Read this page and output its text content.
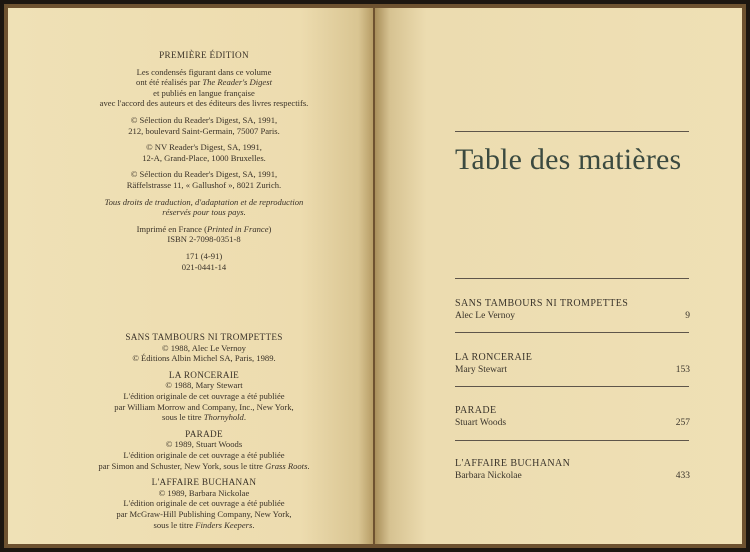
PREMIÈRE ÉDITION
Les condensés figurant dans ce volume
ont été réalisés par The Reader's Digest
et publiés en langue française
avec l'accord des auteurs et des éditeurs des livres respectifs.
© Sélection du Reader's Digest, SA, 1991,
212, boulevard Saint-Germain, 75007 Paris.
© NV Reader's Digest, SA, 1991,
12-A, Grand-Place, 1000 Bruxelles.
© Sélection du Reader's Digest, SA, 1991,
Räffelstrasse 11, « Gallushof », 8021 Zurich.
Tous droits de traduction, d'adaptation et de reproduction
réservés pour tous pays.
Imprimé en France (Printed in France)
ISBN 2-7098-0351-8
171 (4-91)
021-0441-14
SANS TAMBOURS NI TROMPETTES
© 1988, Alec Le Vernoy
© Éditions Albin Michel SA, Paris, 1989.
LA RONCERAIE
© 1988, Mary Stewart
L'édition originale de cet ouvrage a été publiée
par William Morrow and Company, Inc., New York,
sous le titre Thornyhold.
PARADE
© 1989, Stuart Woods
L'édition originale de cet ouvrage a été publiée
par Simon and Schuster, New York, sous le titre Grass Roots.
L'AFFAIRE BUCHANAN
© 1989, Barbara Nickolae
L'édition originale de cet ouvrage a été publiée
par McGraw-Hill Publishing Company, New York,
sous le titre Finders Keepers.
Table des matières
SANS TAMBOURS NI TROMPETTES
Alec Le Vernoy	9
LA RONCERAIE
Mary Stewart	153
PARADE
Stuart Woods	257
L'AFFAIRE BUCHANAN
Barbara Nickolae	433
